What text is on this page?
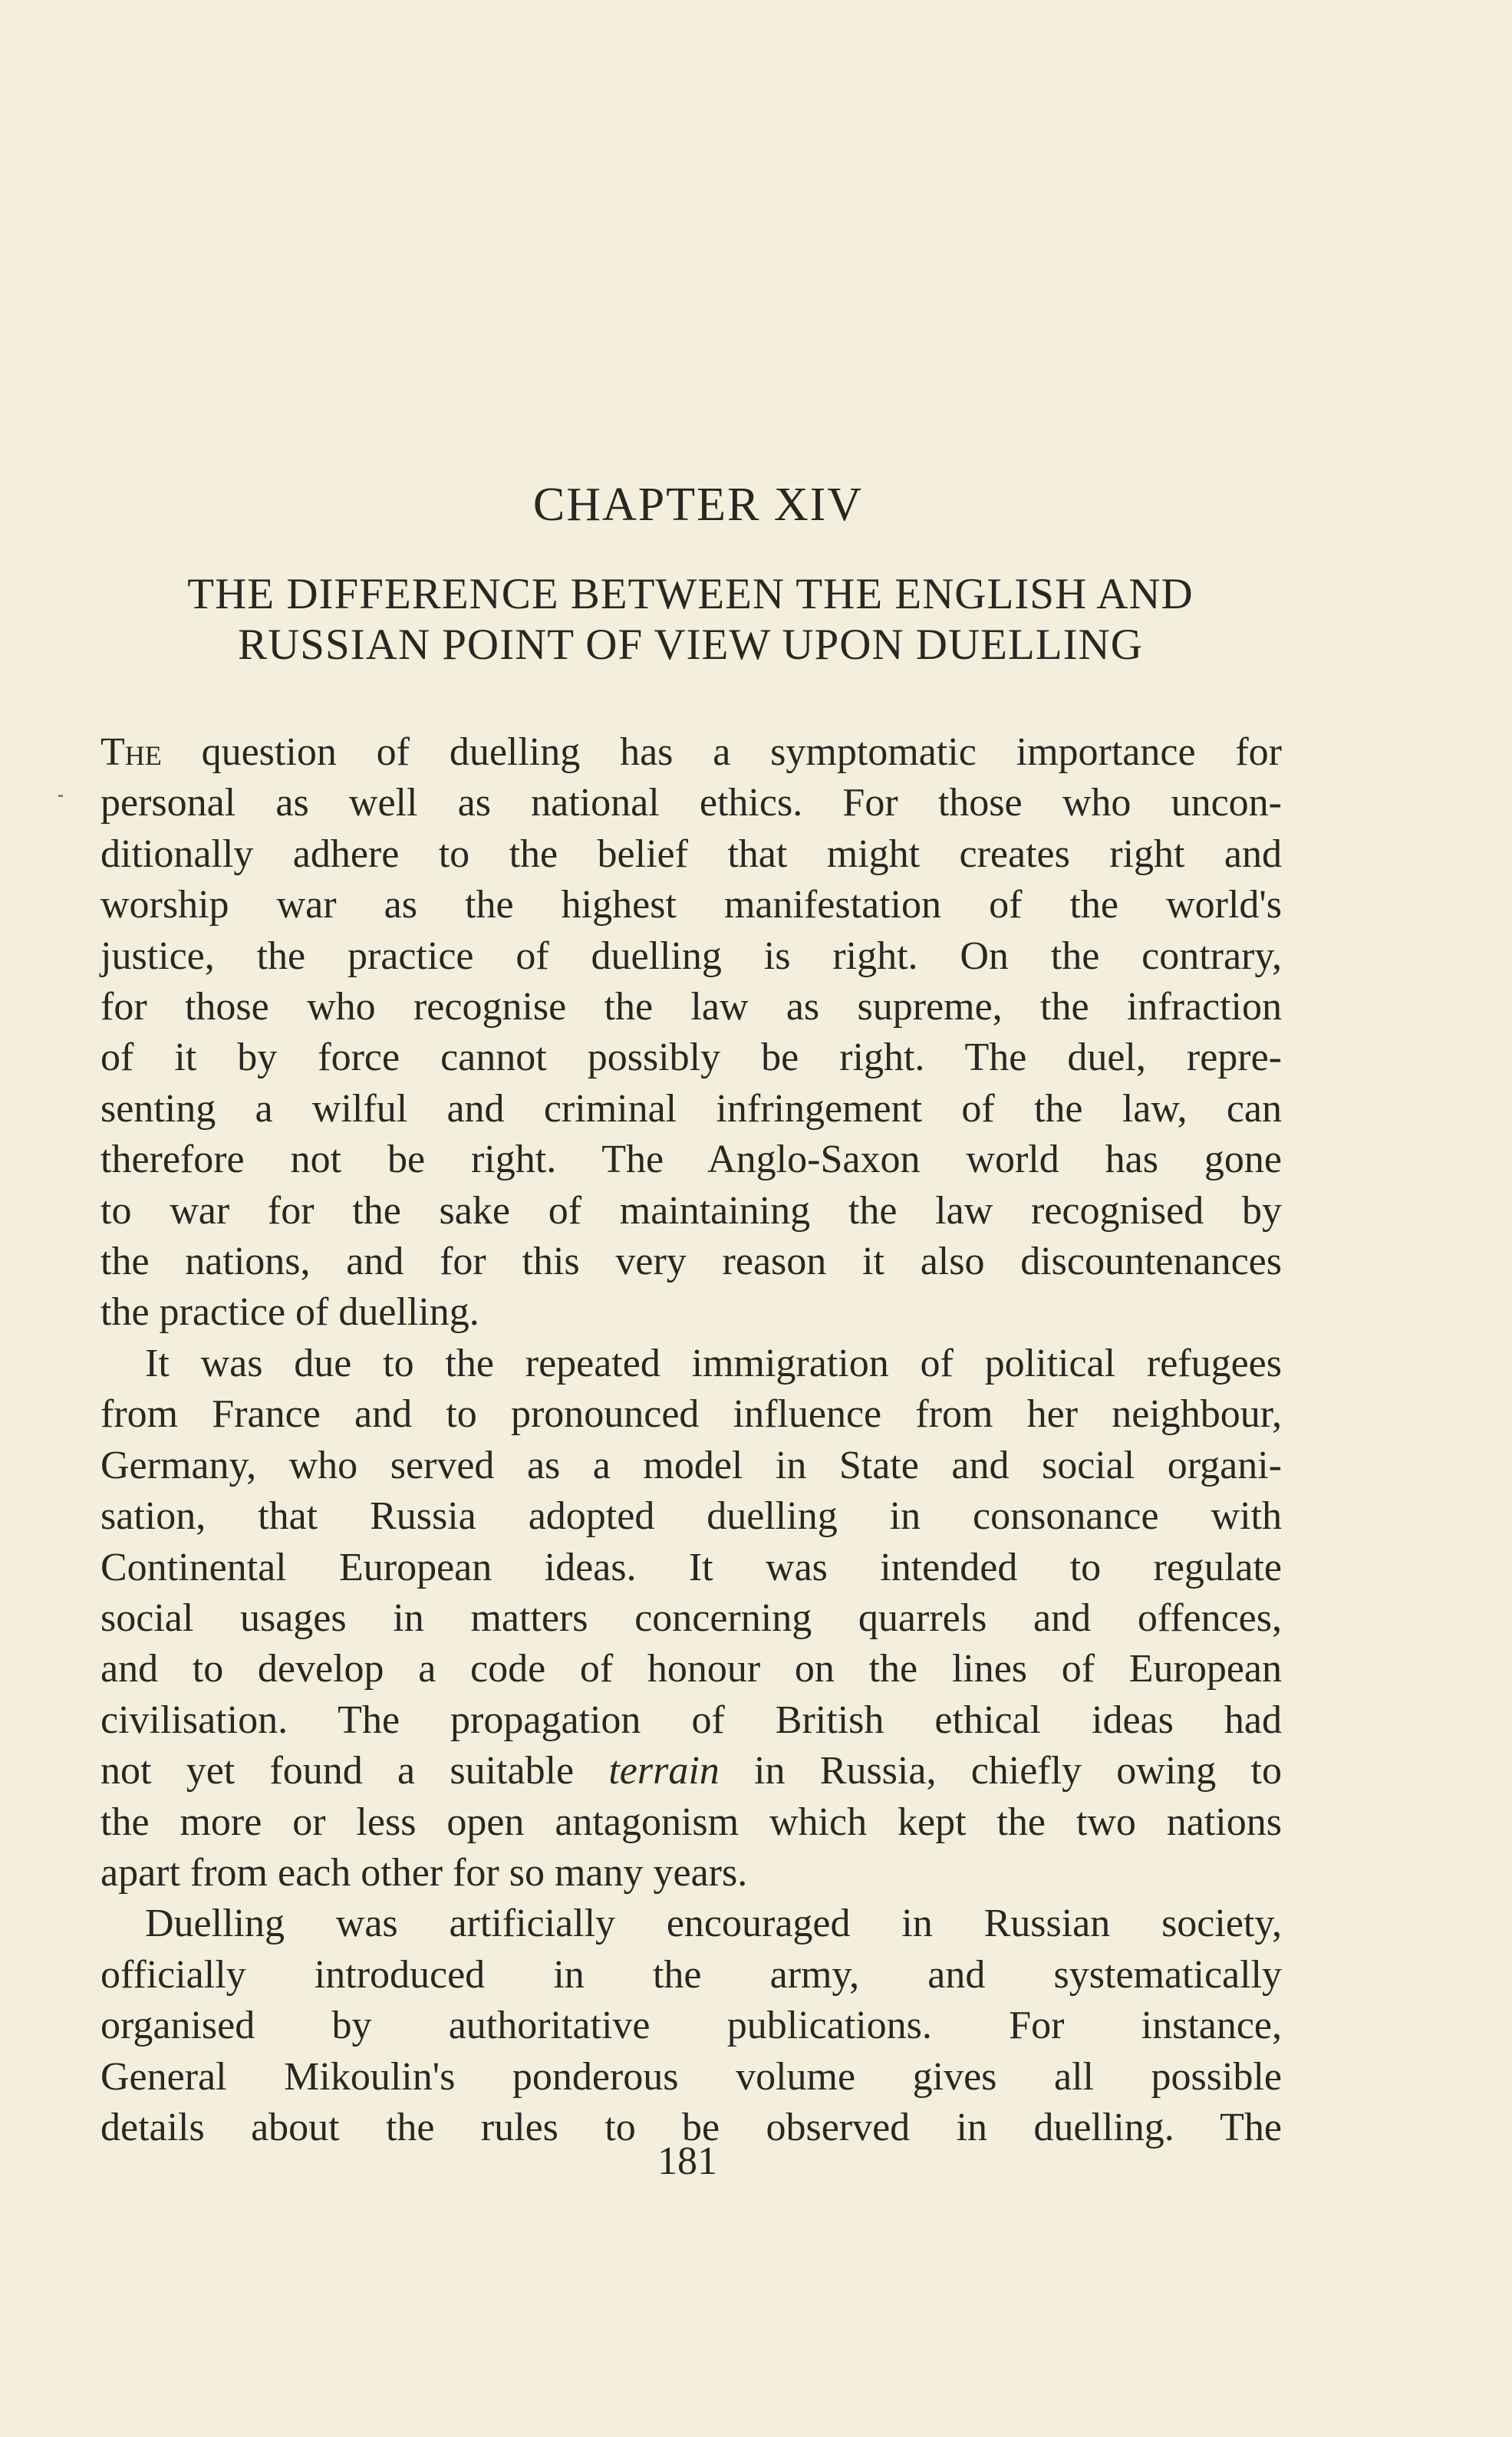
CHAPTER XIV
THE DIFFERENCE BETWEEN THE ENGLISH AND
RUSSIAN POINT OF VIEW UPON DUELLING
The question of duelling has a symptomatic importance for
personal as well as national ethics. For those who uncon-
ditionally adhere to the belief that might creates right and
worship war as the highest manifestation of the world's
justice, the practice of duelling is right. On the contrary,
for those who recognise the law as supreme, the infraction
of it by force cannot possibly be right. The duel, repre-
senting a wilful and criminal infringement of the law, can
therefore not be right. The Anglo-Saxon world has gone
to war for the sake of maintaining the law recognised by
the nations, and for this very reason it also discountenances
the practice of duelling.
It was due to the repeated immigration of political refugees
from France and to pronounced influence from her neighbour,
Germany, who served as a model in State and social organi-
sation, that Russia adopted duelling in consonance with
Continental European ideas. It was intended to regulate
social usages in matters concerning quarrels and offences,
and to develop a code of honour on the lines of European
civilisation. The propagation of British ethical ideas had
not yet found a suitable terrain in Russia, chiefly owing to
the more or less open antagonism which kept the two nations
apart from each other for so many years.
Duelling was artificially encouraged in Russian society,
officially introduced in the army, and systematically
organised by authoritative publications. For instance,
General Mikoulin's ponderous volume gives all possible
details about the rules to be observed in duelling. The
181
